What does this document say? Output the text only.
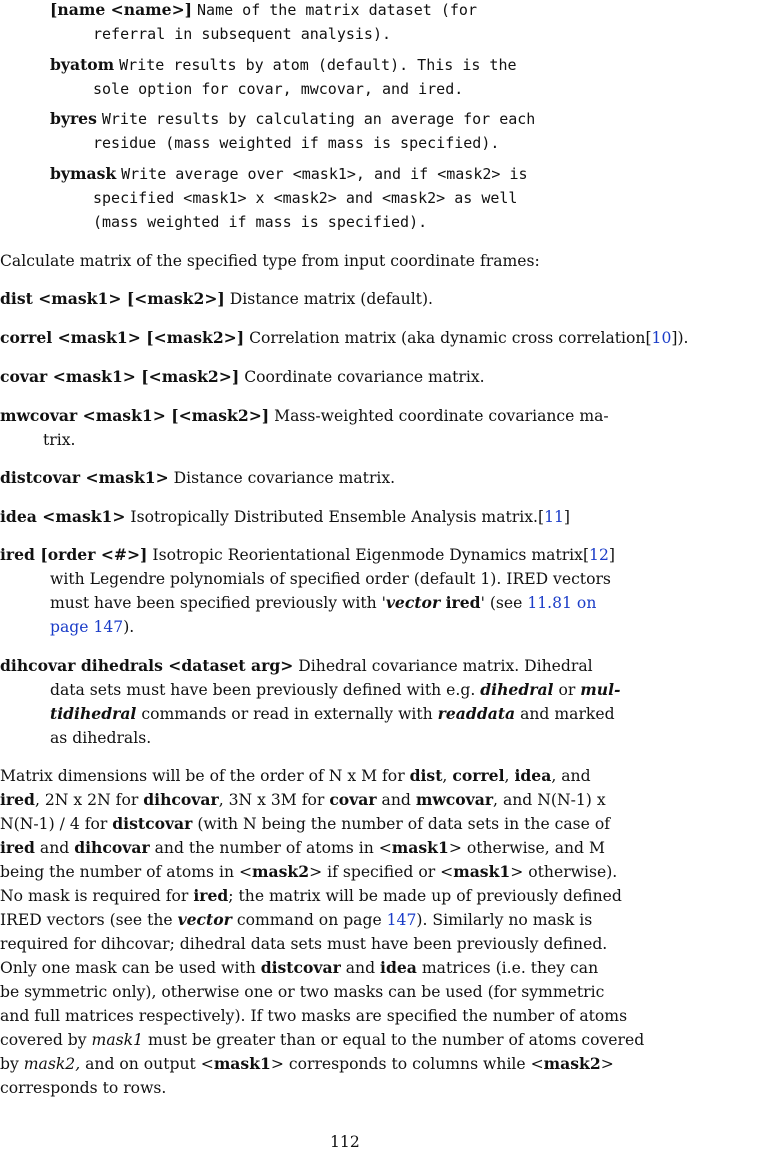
[name <name>] Name of the matrix dataset (for
referral in subsequent analysis).
byatom Write results by atom (default). This is the
sole option for covar, mwcovar, and ired.
byres Write results by calculating an average for each
residue (mass weighted if mass is specified).
bymask Write average over <mask1>, and if <mask2> is
specified <mask1> x <mask2> and <mask2> as well
(mass weighted if mass is specified).
Calculate matrix of the specified type from input coordinate frames:
dist <mask1> [<mask2>] Distance matrix (default).
correl <mask1> [<mask2>] Correlation matrix (aka dynamic cross correlation[10]).
covar <mask1> [<mask2>] Coordinate covariance matrix.
mwcovar <mask1> [<mask2>] Mass-weighted coordinate covariance ma-
trix.
distcovar <mask1> Distance covariance matrix.
idea <mask1> Isotropically Distributed Ensemble Analysis matrix.[11]
ired [order <#>] Isotropic Reorientational Eigenmode Dynamics matrix[12]
with Legendre polynomials of specified order (default 1). IRED vectors
must have been specified previously with 'vector ired' (see 11.81 on
page 147).
dihcovar dihedrals <dataset arg> Dihedral covariance matrix. Dihedral
data sets must have been previously defined with e.g. dihedral or mul-
tidihedral commands or read in externally with readdata and marked
as dihedrals.
Matrix dimensions will be of the order of N x M for dist, correl, idea, and
ired, 2N x 2N for dihcovar, 3N x 3M for covar and mwcovar, and N(N-1) x
N(N-1) / 4 for distcovar (with N being the number of data sets in the case of
ired and dihcovar and the number of atoms in <mask1> otherwise, and M
being the number of atoms in <mask2> if specified or <mask1> otherwise).
No mask is required for ired; the matrix will be made up of previously defined
IRED vectors (see the vector command on page 147). Similarly no mask is
required for dihcovar; dihedral data sets must have been previously defined.
Only one mask can be used with distcovar and idea matrices (i.e. they can
be symmetric only), otherwise one or two masks can be used (for symmetric
and full matrices respectively). If two masks are specified the number of atoms
covered by mask1 must be greater than or equal to the number of atoms covered
by mask2, and on output <mask1> corresponds to columns while <mask2>
corresponds to rows.
112
